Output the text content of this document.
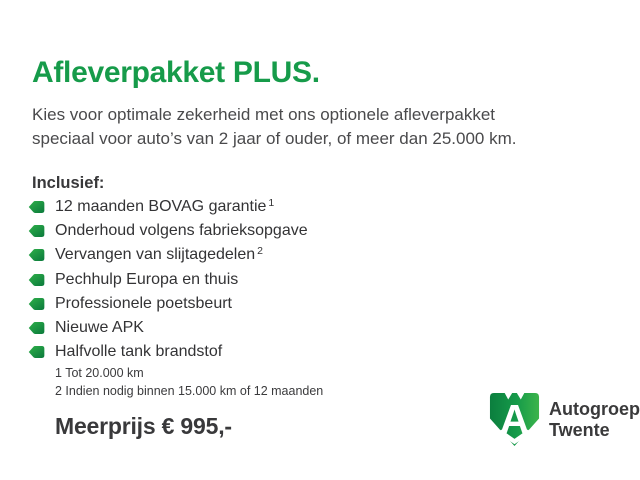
Afleverpakket PLUS.
Kies voor optimale zekerheid met ons optionele afleverpakket
speciaal voor auto’s van 2 jaar of ouder, of meer dan 25.000 km.
Inclusief:
12 maanden BOVAG garantie $^1$
Onderhoud volgens fabrieksopgave
Vervangen van slijtagedelen $^2$
Pechhulp Europa en thuis
Professionele poetsbeurt
Nieuwe APK
Halfvolle tank brandstof
1 Tot 20.000 km
2 Indien nodig binnen 15.000 km of 12 maanden
Meerprijs € 995,-	A Autogroep
Twente
